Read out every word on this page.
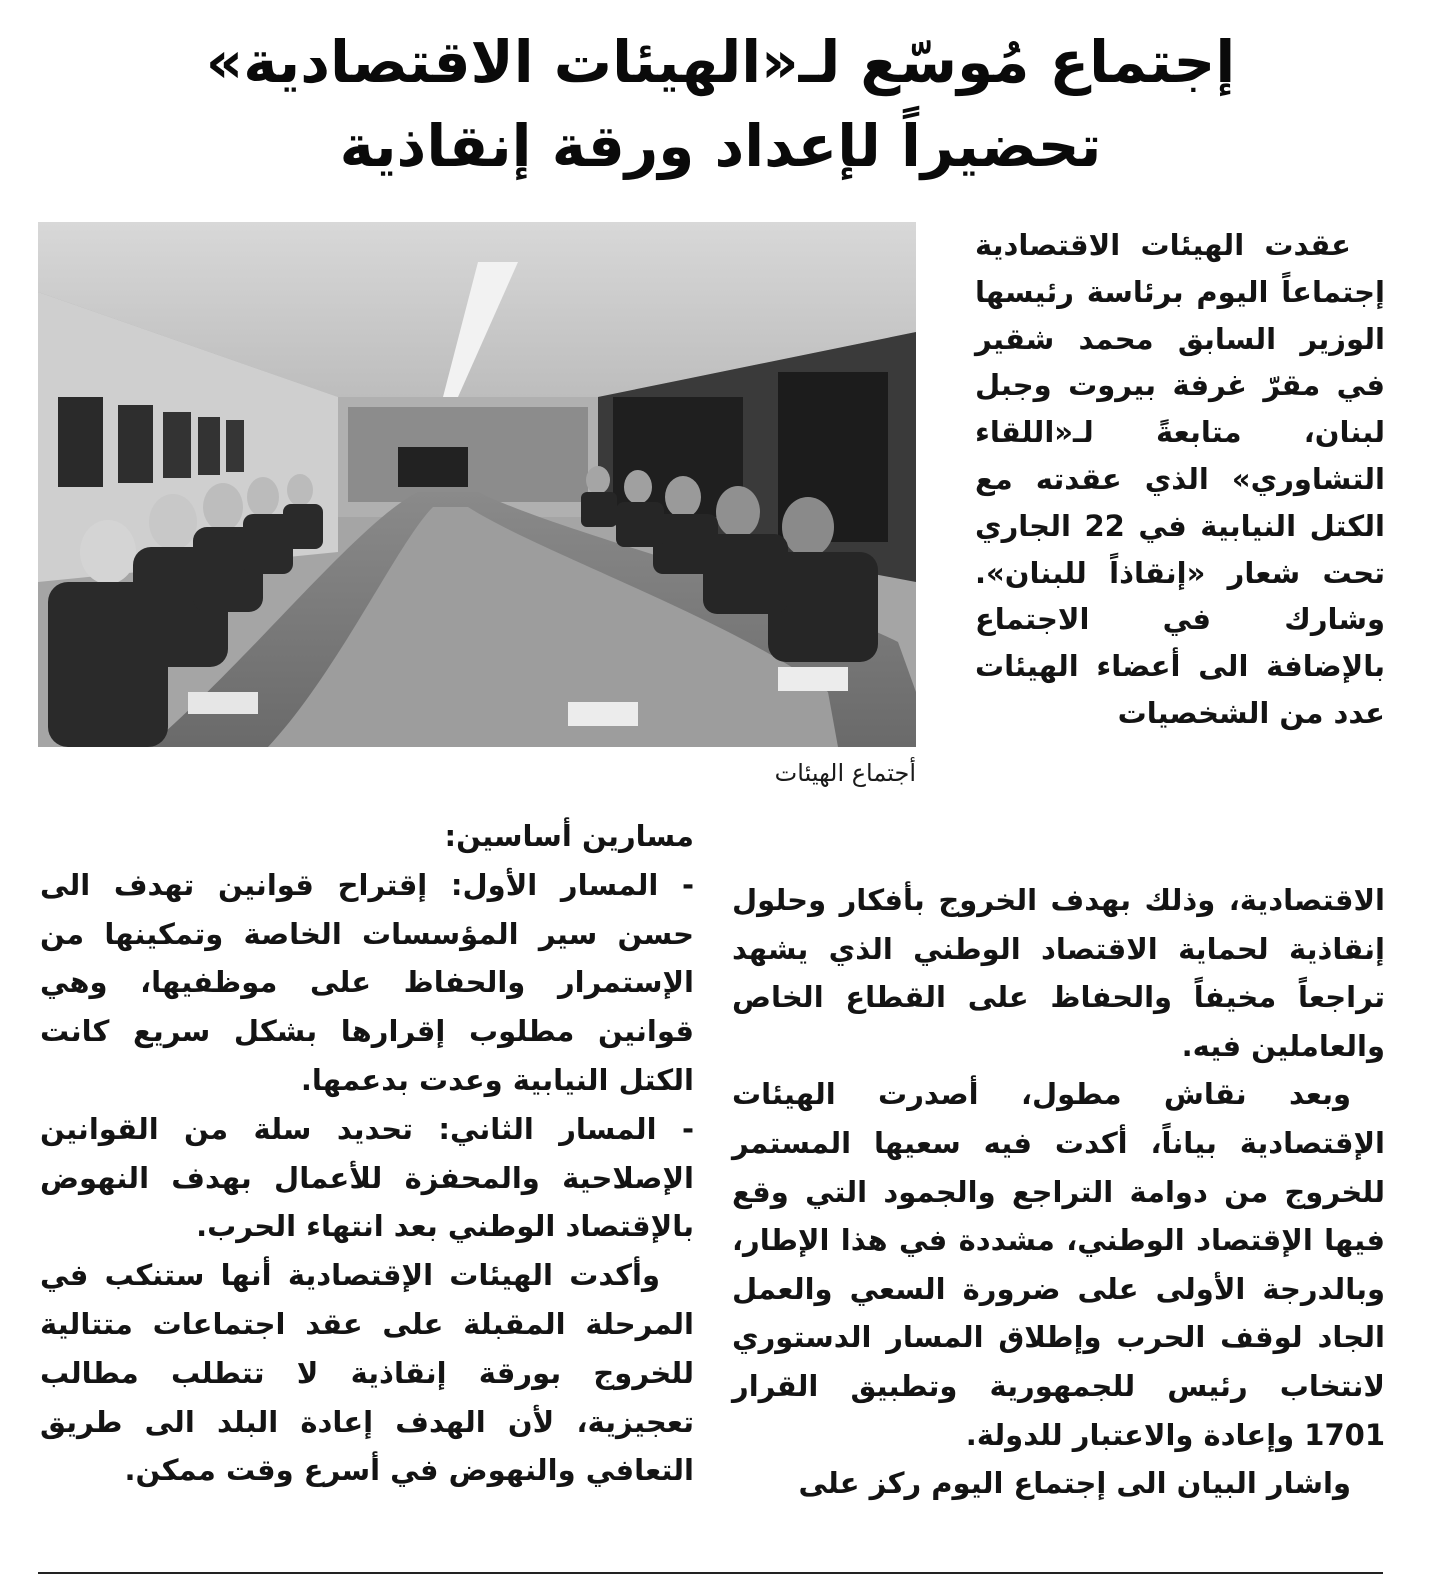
إجتماع مُوسّع لـ«الهيئات الاقتصادية»
تحضيراً لإعداد ورقة إنقاذية
أجتماع الهيئات

عقدت الهيئات الاقتصادية إجتماعاً اليوم برئاسة رئيسها الوزير السابق محمد شقير في مقرّ غرفة بيروت وجبل لبنان، متابعةً لـ«اللقاء التشاوري» الذي عقدته مع الكتل النيابية في 22 الجاري تحت شعار «إنقاذاً للبنان». وشارك في الاجتماع بالإضافة الى أعضاء الهيئات عدد من الشخصيات

الاقتصادية، وذلك بهدف الخروج بأفكار وحلول إنقاذية لحماية الاقتصاد الوطني الذي يشهد تراجعاً مخيفاً والحفاظ على القطاع الخاص والعاملين فيه.

وبعد نقاش مطول، أصدرت الهيئات الإقتصادية بياناً، أكدت فيه سعيها المستمر للخروج من دوامة التراجع والجمود التي وقع فيها الإقتصاد الوطني، مشددة في هذا الإطار، وبالدرجة الأولى على ضرورة السعي والعمل الجاد لوقف الحرب وإطلاق المسار الدستوري لانتخاب رئيس للجمهورية وتطبيق القرار 1701 وإعادة والاعتبار للدولة.

واشار البيان الى إجتماع اليوم ركز على

مسارين أساسين:

- المسار الأول: إقتراح قوانين تهدف الى حسن سير المؤسسات الخاصة وتمكينها من الإستمرار والحفاظ على موظفيها، وهي قوانين مطلوب إقرارها بشكل سريع كانت الكتل النيابية وعدت بدعمها.

- المسار الثاني: تحديد سلة من القوانين الإصلاحية والمحفزة للأعمال بهدف النهوض بالإقتصاد الوطني بعد انتهاء الحرب.

وأكدت الهيئات الإقتصادية أنها ستنكب في المرحلة المقبلة على عقد اجتماعات متتالية للخروج بورقة إنقاذية لا تتطلب مطالب تعجيزية، لأن الهدف إعادة البلد الى طريق التعافي والنهوض في أسرع وقت ممكن.
